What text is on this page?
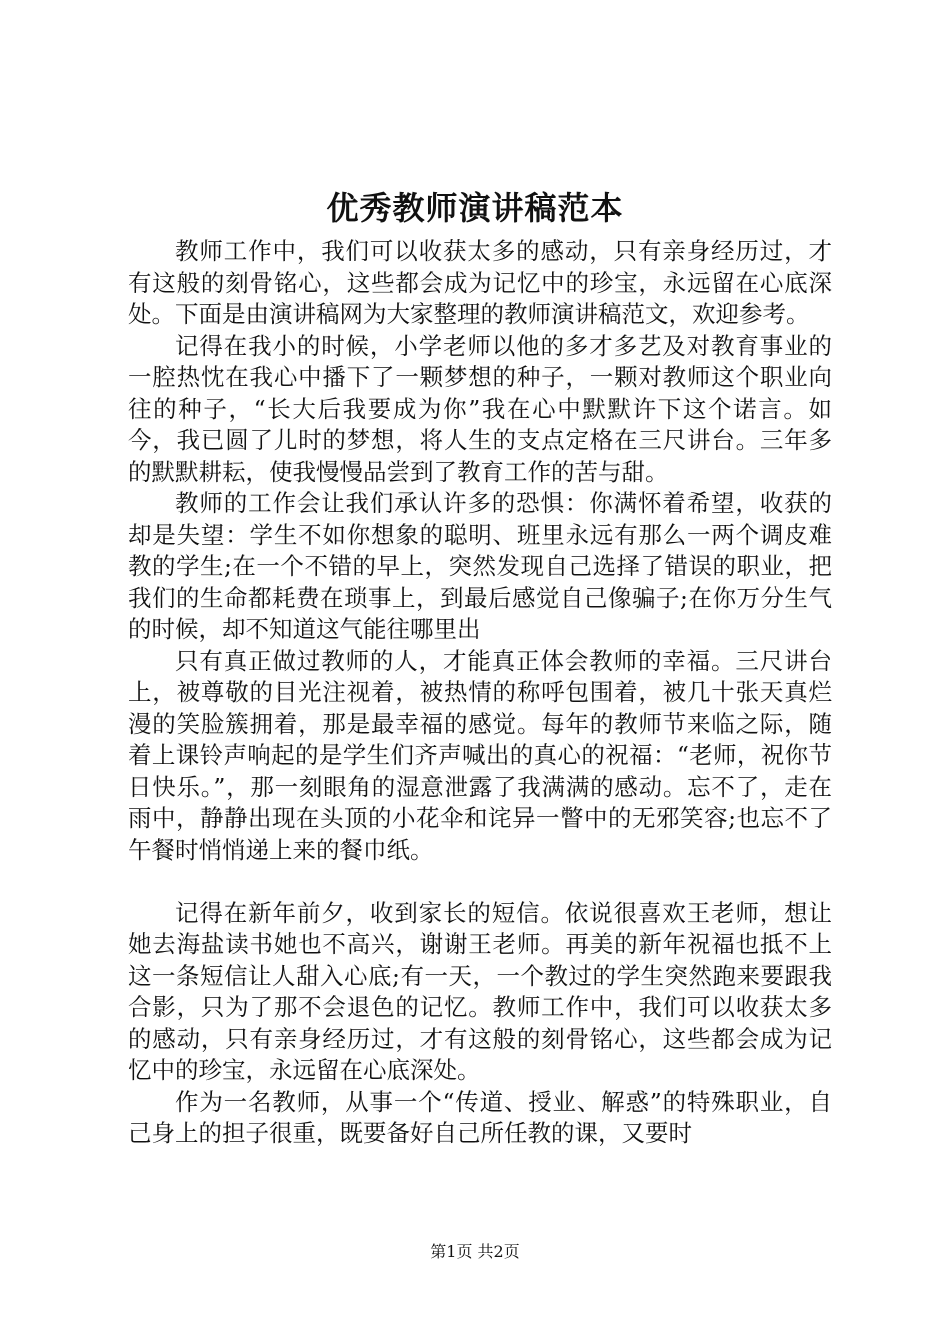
优秀教师演讲稿范本

教师工作中，我们可以收获太多的感动，只有亲身经历过，才有这般的刻骨铭心，这些都会成为记忆中的珍宝，永远留在心底深处。下面是由演讲稿网为大家整理的教师演讲稿范文，欢迎参考。

记得在我小的时候，小学老师以他的多才多艺及对教育事业的一腔热忱在我心中播下了一颗梦想的种子，一颗对教师这个职业向往的种子，“长大后我要成为你”我在心中默默许下这个诺言。如今，我已圆了儿时的梦想，将人生的支点定格在三尺讲台。三年多的默默耕耘，使我慢慢品尝到了教育工作的苦与甜。

教师的工作会让我们承认许多的恐惧：你满怀着希望，收获的却是失望：学生不如你想象的聪明、班里永远有那么一两个调皮难教的学生;在一个不错的早上，突然发现自己选择了错误的职业，把我们的生命都耗费在琐事上，到最后感觉自己像骗子;在你万分生气的时候，却不知道这气能往哪里出

只有真正做过教师的人，才能真正体会教师的幸福。三尺讲台上，被尊敬的目光注视着，被热情的称呼包围着，被几十张天真烂漫的笑脸簇拥着，那是最幸福的感觉。每年的教师节来临之际，随着上课铃声响起的是学生们齐声喊出的真心的祝福：“老师，祝你节日快乐。”，那一刻眼角的湿意泄露了我满满的感动。忘不了，走在雨中，静静出现在头顶的小花伞和诧异一瞥中的无邪笑容;也忘不了午餐时悄悄递上来的餐巾纸。

记得在新年前夕，收到家长的短信。依说很喜欢王老师，想让她去海盐读书她也不高兴，谢谢王老师。再美的新年祝福也抵不上这一条短信让人甜入心底;有一天，一个教过的学生突然跑来要跟我合影，只为了那不会退色的记忆。教师工作中，我们可以收获太多的感动，只有亲身经历过，才有这般的刻骨铭心，这些都会成为记忆中的珍宝，永远留在心底深处。

作为一名教师，从事一个“传道、授业、解惑”的特殊职业，自己身上的担子很重，既要备好自己所任教的课，又要时

第1页 共2页
